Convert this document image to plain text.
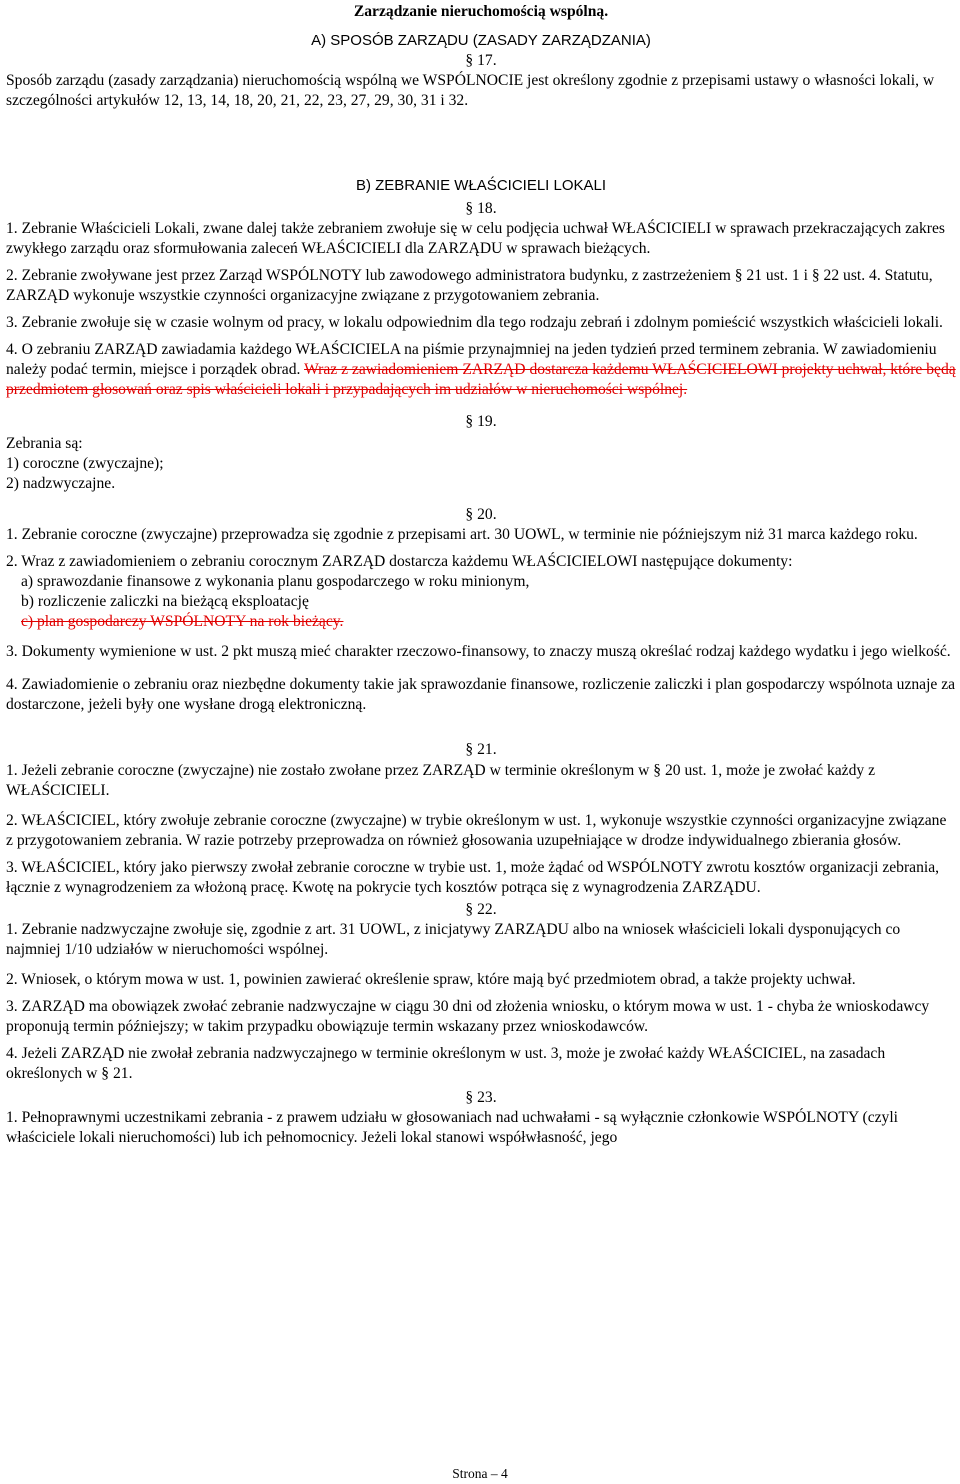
Zarządzanie nieruchomością wspólną.
A) SPOSÓB ZARZĄDU (ZASADY ZARZĄDZANIA)
§ 17.

Sposób zarządu (zasady zarządzania) nieruchomością wspólną we WSPÓLNOCIE jest określony zgodnie z przepisami ustawy o własności lokali, w szczególności artykułów 12, 13, 14, 18, 20, 21, 22, 23, 27, 29, 30, 31 i 32.

B) ZEBRANIE WŁAŚCICIELI LOKALI
§ 18.

1. Zebranie Właścicieli Lokali, zwane dalej także zebraniem zwołuje się w celu podjęcia uchwał WŁAŚCICIELI w sprawach przekraczających zakres zwykłego zarządu oraz sformułowania zaleceń WŁAŚCICIELI dla ZARZĄDU w sprawach bieżących.

2. Zebranie zwoływane jest przez Zarząd WSPÓLNOTY lub zawodowego administratora budynku, z zastrzeżeniem § 21 ust. 1 i § 22 ust. 4. Statutu, ZARZĄD wykonuje wszystkie czynności organizacyjne związane z przygotowaniem zebrania.

3. Zebranie zwołuje się w czasie wolnym od pracy, w lokalu odpowiednim dla tego rodzaju zebrań i zdolnym pomieścić wszystkich właścicieli lokali.

4. O zebraniu ZARZĄD zawiadamia każdego WŁAŚCICIELA na piśmie przynajmniej na jeden tydzień przed terminem zebrania. W zawiadomieniu należy podać termin, miejsce i porządek obrad. Wraz z zawiadomieniem ZARZĄD dostarcza każdemu WŁAŚCICIELOWI projekty uchwał, które będą przedmiotem głosowań oraz spis właścicieli lokali i przypadających im udziałów w nieruchomości wspólnej.

§ 19.
Zebrania są:
1) coroczne (zwyczajne);
2) nadzwyczajne.
§ 20.

1. Zebranie coroczne (zwyczajne) przeprowadza się zgodnie z przepisami art. 30 UOWL, w terminie nie późniejszym niż 31 marca każdego roku.

2. Wraz z zawiadomieniem o zebraniu corocznym ZARZĄD dostarcza każdemu WŁAŚCICIELOWI następujące dokumenty:

a) sprawozdanie finansowe z wykonania planu gospodarczego w roku minionym,
b) rozliczenie zaliczki na bieżącą eksploatację
c) plan gospodarczy WSPÓLNOTY na rok bieżący.

3. Dokumenty wymienione w ust. 2 pkt muszą mieć charakter rzeczowo-finansowy, to znaczy muszą określać rodzaj każdego wydatku i jego wielkość.

4. Zawiadomienie o zebraniu oraz niezbędne dokumenty takie jak sprawozdanie finansowe, rozliczenie zaliczki i plan gospodarczy wspólnota uznaje za dostarczone, jeżeli były one wysłane drogą elektroniczną.

§ 21.

1. Jeżeli zebranie coroczne (zwyczajne) nie zostało zwołane przez ZARZĄD w terminie określonym w § 20 ust. 1, może je zwołać każdy z WŁAŚCICIELI.

2. WŁAŚCICIEL, który zwołuje zebranie coroczne (zwyczajne) w trybie określonym w ust. 1, wykonuje wszystkie czynności organizacyjne związane z przygotowaniem zebrania. W razie potrzeby przeprowadza on również głosowania uzupełniające w drodze indywidualnego zbierania głosów.

3. WŁAŚCICIEL, który jako pierwszy zwołał zebranie coroczne w trybie ust. 1, może żądać od WSPÓLNOTY zwrotu kosztów organizacji zebrania, łącznie z wynagrodzeniem za włożoną pracę. Kwotę na pokrycie tych kosztów potrąca się z wynagrodzenia ZARZĄDU.

§ 22.

1. Zebranie nadzwyczajne zwołuje się, zgodnie z art. 31 UOWL, z inicjatywy ZARZĄDU albo na wniosek właścicieli lokali dysponujących co najmniej 1/10 udziałów w nieruchomości wspólnej.

2. Wniosek, o którym mowa w ust. 1, powinien zawierać określenie spraw, które mają być przedmiotem obrad, a także projekty uchwał.

3. ZARZĄD ma obowiązek zwołać zebranie nadzwyczajne w ciągu 30 dni od złożenia wniosku, o którym mowa w ust. 1 - chyba że wnioskodawcy proponują termin późniejszy; w takim przypadku obowiązuje termin wskazany przez wnioskodawców.

4. Jeżeli ZARZĄD nie zwołał zebrania nadzwyczajnego w terminie określonym w ust. 3, może je zwołać każdy WŁAŚCICIEL, na zasadach określonych w § 21.

§ 23.

1. Pełnoprawnymi uczestnikami zebrania - z prawem udziału w głosowaniach nad uchwałami - są wyłącznie członkowie WSPÓLNOTY (czyli właściciele lokali nieruchomości) lub ich pełnomocnicy. Jeżeli lokal stanowi współwłasność, jego

Strona – 4
